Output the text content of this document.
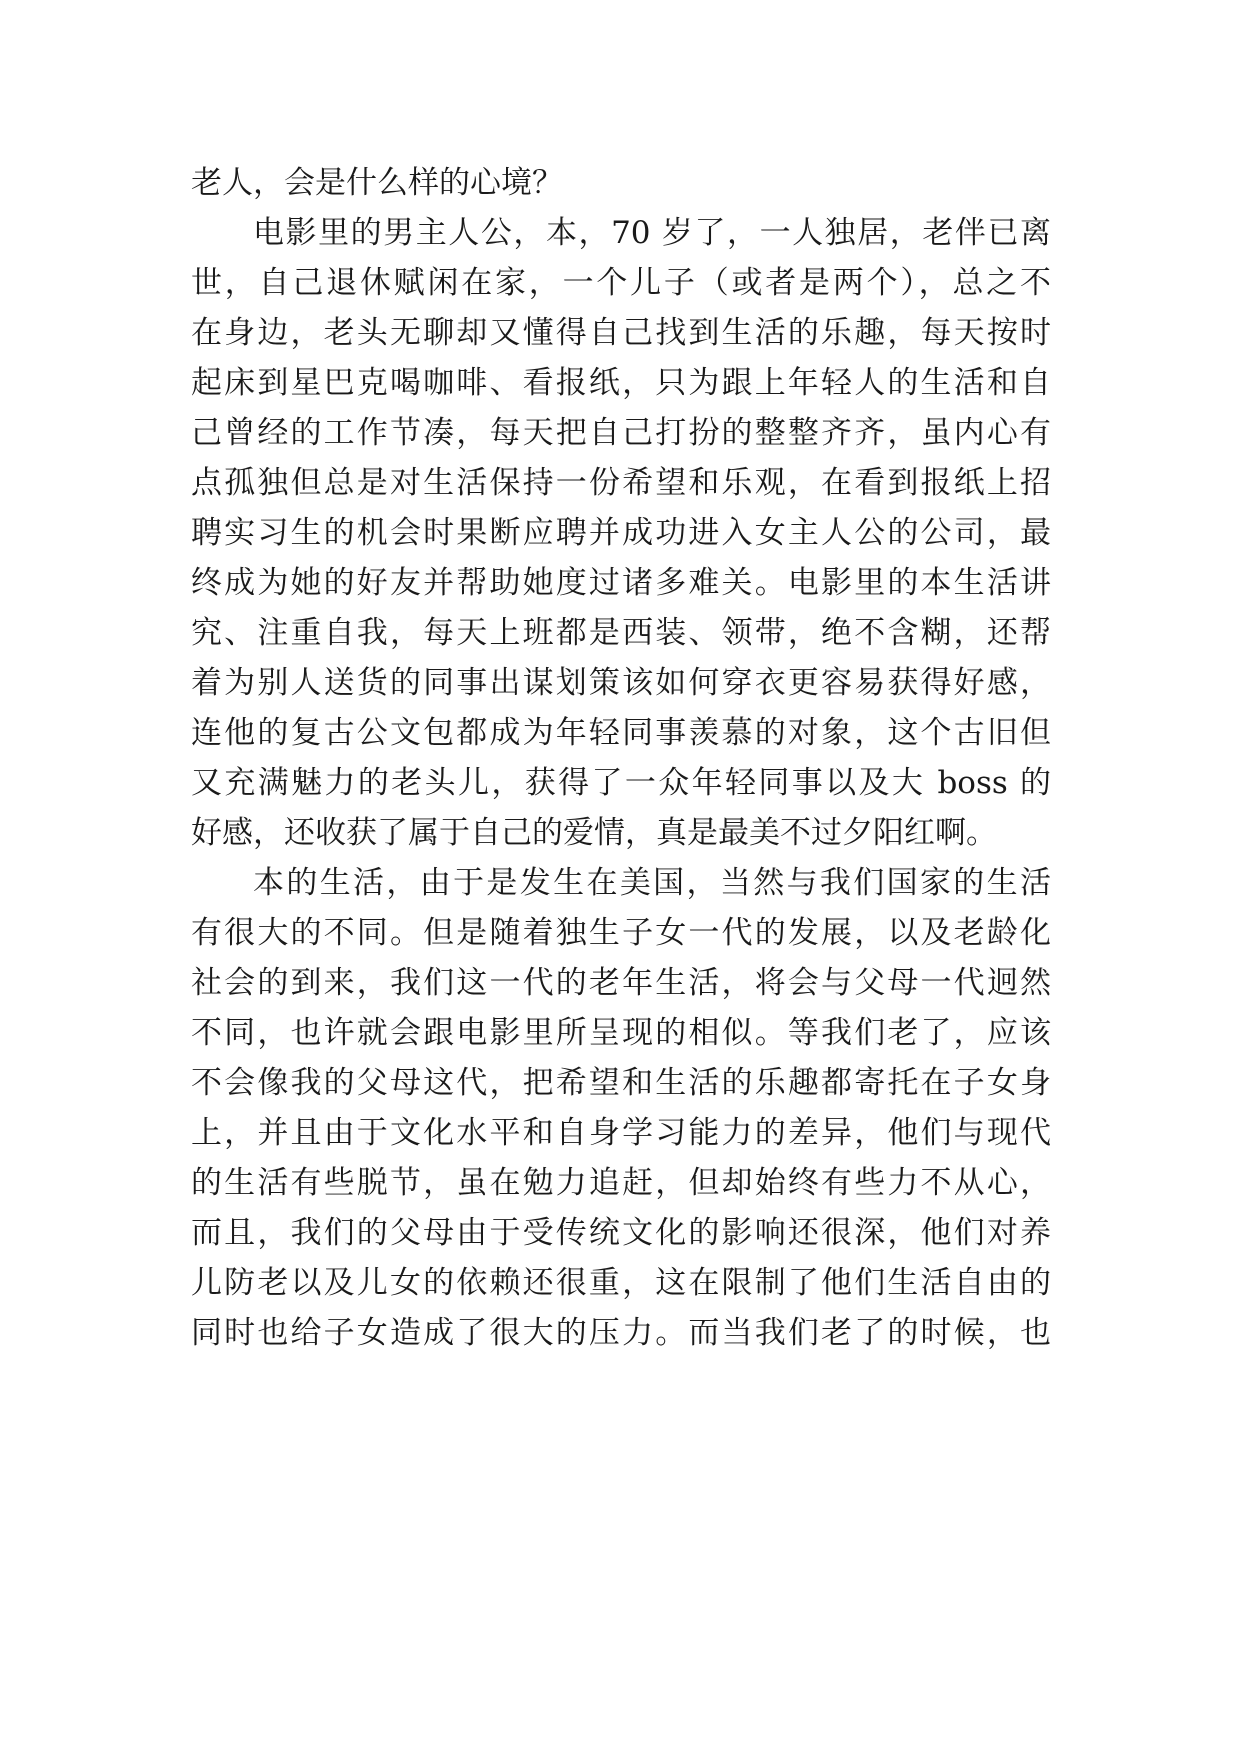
老人，会是什么样的心境？
电影里的男主人公，本，70 岁了，一人独居，老伴已离
世，自己退休赋闲在家，一个儿子（或者是两个），总之不
在身边，老头无聊却又懂得自己找到生活的乐趣，每天按时
起床到星巴克喝咖啡、看报纸，只为跟上年轻人的生活和自
己曾经的工作节凑，每天把自己打扮的整整齐齐，虽内心有
点孤独但总是对生活保持一份希望和乐观，在看到报纸上招
聘实习生的机会时果断应聘并成功进入女主人公的公司，最
终成为她的好友并帮助她度过诸多难关。电影里的本生活讲
究、注重自我，每天上班都是西装、领带，绝不含糊，还帮
着为别人送货的同事出谋划策该如何穿衣更容易获得好感，
连他的复古公文包都成为年轻同事羡慕的对象，这个古旧但
又充满魅力的老头儿，获得了一众年轻同事以及大 boss 的
好感，还收获了属于自己的爱情，真是最美不过夕阳红啊。
本的生活，由于是发生在美国，当然与我们国家的生活
有很大的不同。但是随着独生子女一代的发展，以及老龄化
社会的到来，我们这一代的老年生活，将会与父母一代迥然
不同，也许就会跟电影里所呈现的相似。等我们老了，应该
不会像我的父母这代，把希望和生活的乐趣都寄托在子女身
上，并且由于文化水平和自身学习能力的差异，他们与现代
的生活有些脱节，虽在勉力追赶，但却始终有些力不从心，
而且，我们的父母由于受传统文化的影响还很深，他们对养
儿防老以及儿女的依赖还很重，这在限制了他们生活自由的
同时也给子女造成了很大的压力。而当我们老了的时候，也
